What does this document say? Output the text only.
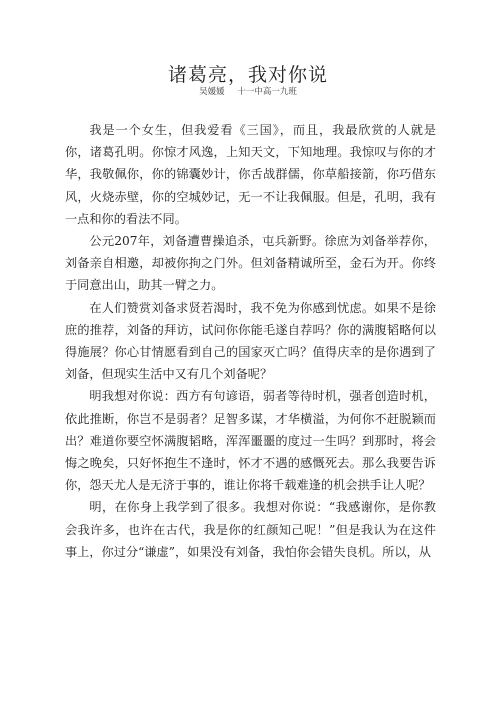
诸葛亮，我对你说
吴媛媛 十一中高一九班

我是一个女生，但我爱看《三国》，而且，我最欣赏的人就是你，诸葛孔明。你惊才风逸，上知天文，下知地理。我惊叹与你的才华，我敬佩你，你的锦囊妙计，你舌战群儒，你草船接箭，你巧借东风，火烧赤壁，你的空城妙记，无一不让我佩服。但是，孔明，我有一点和你的看法不同。

公元207年，刘备遭曹操追杀，屯兵新野。徐庶为刘备举荐你，刘备亲自相邀，却被你拘之门外。但刘备精诚所至，金石为开。你终于同意出山，助其一臂之力。

在人们赞赏刘备求贤若渴时，我不免为你感到忧虑。如果不是徐庶的推荐，刘备的拜访，试问你你能毛遂自荐吗？你的满腹韬略何以得施展？你心甘情愿看到自己的国家灭亡吗？值得庆幸的是你遇到了刘备，但现实生活中又有几个刘备呢？

明我想对你说：西方有句谚语，弱者等待时机，强者创造时机，依此推断，你岂不是弱者？足智多谋，才华横溢，为何你不赶脱颖而出？难道你要空怀满腹韬略，浑浑噩噩的度过一生吗？到那时，将会悔之晚矣，只好怀抱生不逢时，怀才不遇的感慨死去。那么我要告诉你，怨天尤人是无济于事的，谁让你将千载难逢的机会拱手让人呢？

明，在你身上我学到了很多。我想对你说：“我感谢你，是你教会我许多，也许在古代，我是你的红颜知己呢！”但是我认为在这件事上，你过分“谦虚”，如果没有刘备，我怕你会错失良机。所以，从
